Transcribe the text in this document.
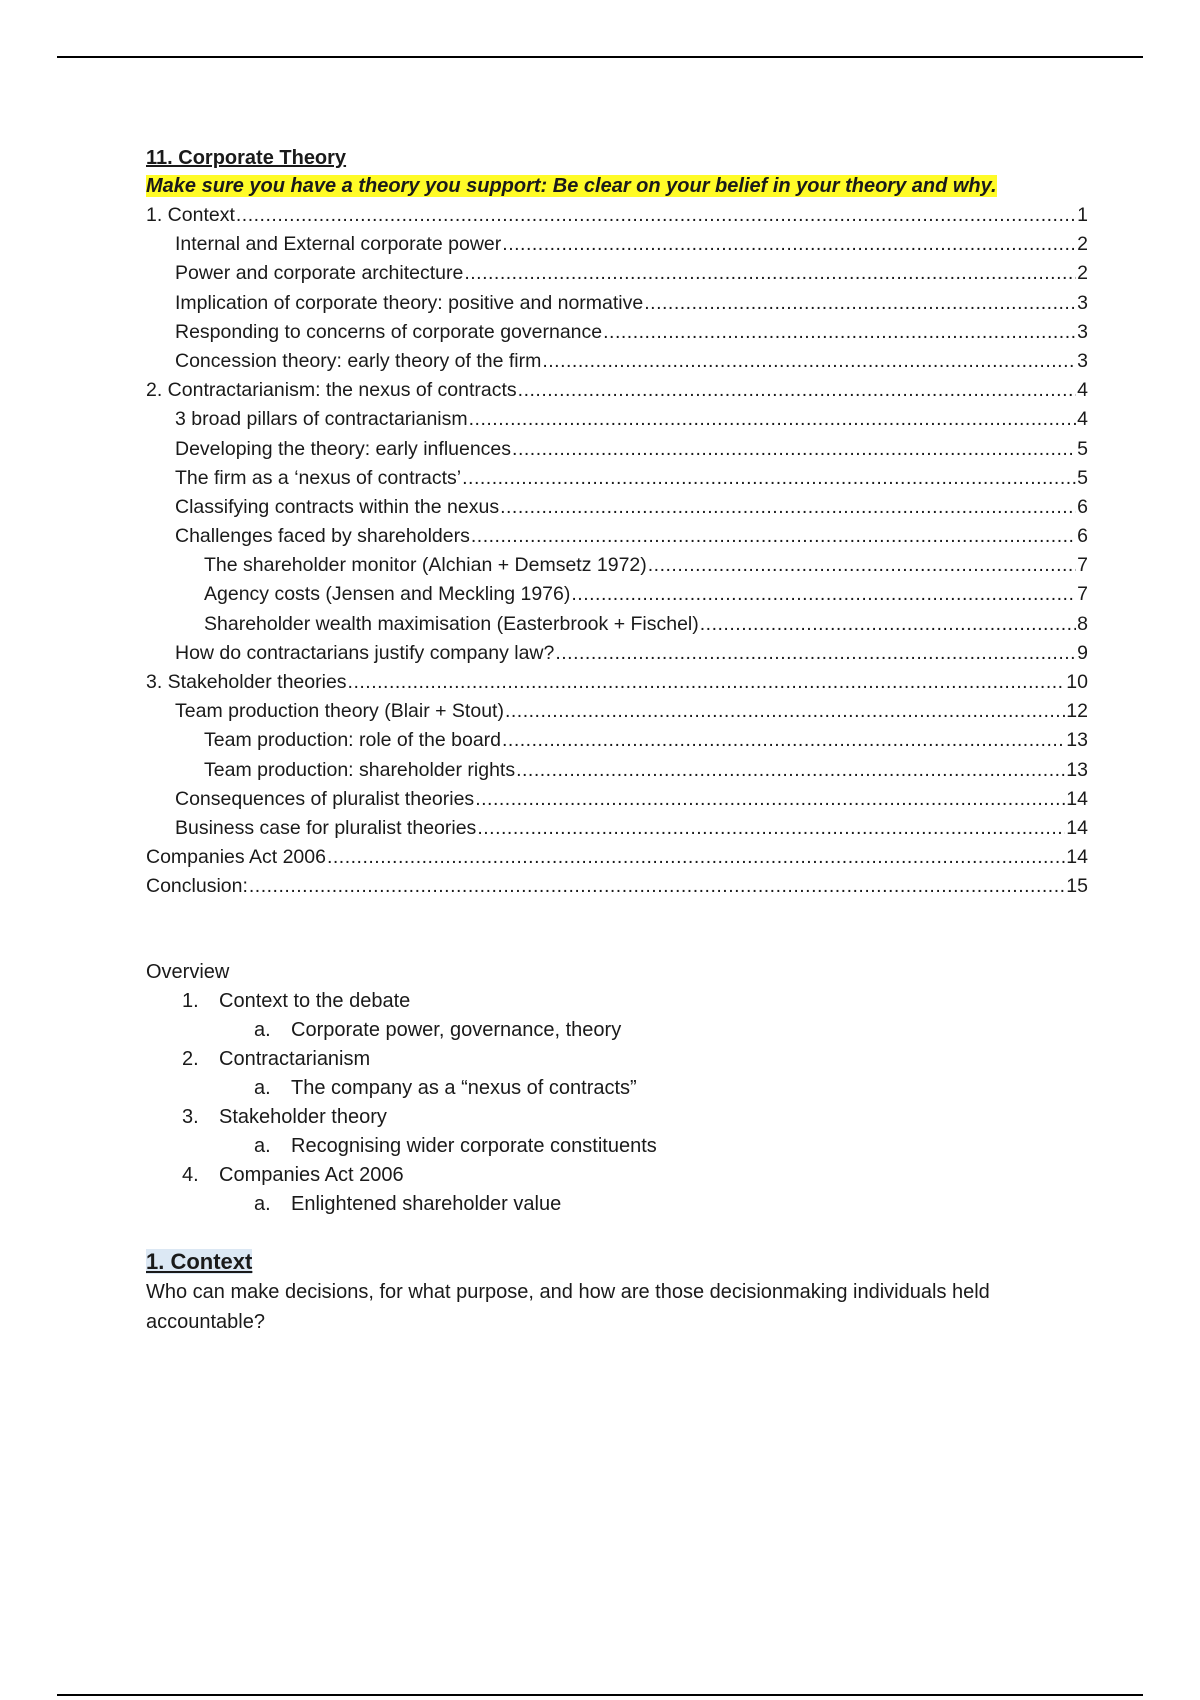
11. Corporate Theory

Make sure you have a theory you support: Be clear on your belief in your theory and why.

1. Context .....	1
Internal and External corporate power .....	2
Power and corporate architecture .....	2
Implication of corporate theory: positive and normative .....	3
Responding to concerns of corporate governance .....	3
Concession theory: early theory of the firm .....	3
2. Contractarianism: the nexus of contracts .....	4
3 broad pillars of contractarianism .....	4
Developing the theory: early influences .....	5
The firm as a ‘nexus of contracts’ .....	5
Classifying contracts within the nexus .....	6
Challenges faced by shareholders .....	6
The shareholder monitor (Alchian + Demsetz 1972) .....	7
Agency costs (Jensen and Meckling 1976) .....	7
Shareholder wealth maximisation (Easterbrook + Fischel) .....	8
How do contractarians justify company law? .....	9
3. Stakeholder theories .....	10
Team production theory (Blair + Stout) .....	12
Team production: role of the board .....	13
Team production: shareholder rights .....	13
Consequences of pluralist theories .....	14
Business case for pluralist theories .....	14
Companies Act 2006 .....	14
Conclusion: .....	15

Overview

1.	Context to the debate
a.	Corporate power, governance, theory
2.	Contractarianism
a.	The company as a “nexus of contracts”
3.	Stakeholder theory
a.	Recognising wider corporate constituents
4.	Companies Act 2006
a.	Enlightened shareholder value
1. Context

Who can make decisions, for what purpose, and how are those decisionmaking individuals held accountable?
